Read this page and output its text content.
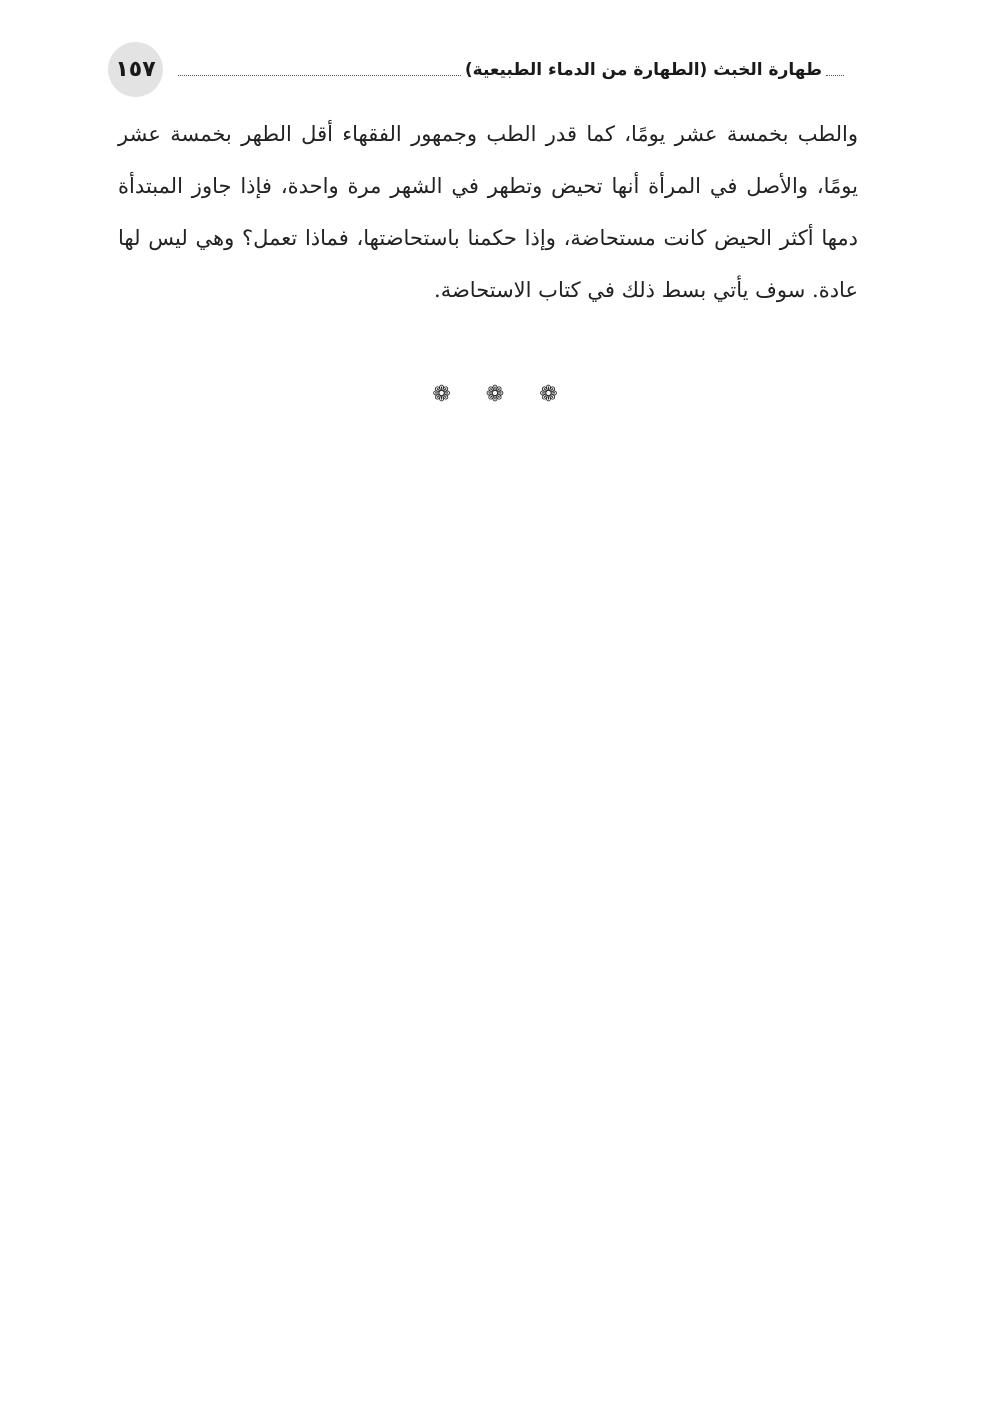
١٥٧	طهارة الخبث (الطهارة من الدماء الطبيعية)
والطب بخمسة عشر يومًا، كما قدر الطب وجمهور الفقهاء أقل الطهر بخمسة عشر يومًا، والأصل في المرأة أنها تحيض وتطهر في الشهر مرة واحدة، فإذا جاوز المبتدأة دمها أكثر الحيض كانت مستحاضة، وإذا حكمنا باستحاضتها، فماذا تعمل؟ وهي ليس لها عادة. سوف يأتي بسط ذلك في كتاب الاستحاضة.
❁ ❁ ❁
